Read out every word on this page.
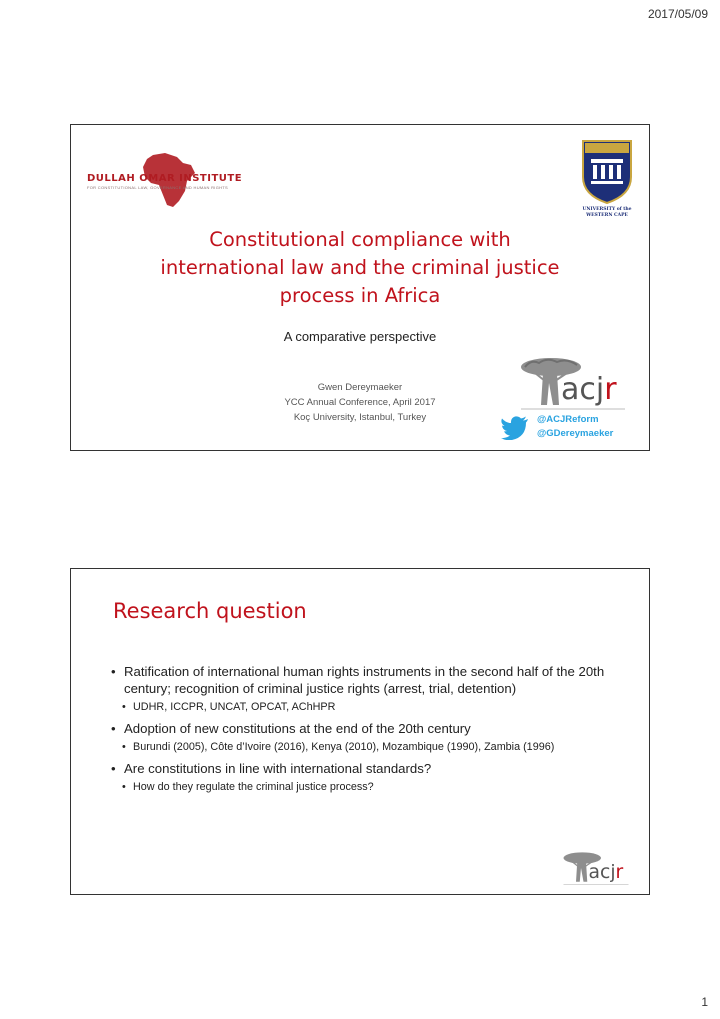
2017/05/09
DULLAH OMAR INSTITUTE
FOR CONSTITUTIONAL LAW, GOVERNANCE AND HUMAN RIGHTS
UNIVERSITY of the
WESTERN CAPE
Constitutional compliance with
international law and the criminal justice
process in Africa
A comparative perspective
Gwen Dereymaeker
YCC Annual Conference, April 2017
Koç University, Istanbul, Turkey
acjr
@ACJReform
@GDereymaeker
Research question
• Ratification of international human rights instruments in the second half of the 20th century; recognition of criminal justice rights (arrest, trial, detention)
• UDHR, ICCPR, UNCAT, OPCAT, AChHPR
• Adoption of new constitutions at the end of the 20th century
• Burundi (2005), Côte d’Ivoire (2016), Kenya (2010), Mozambique (1990), Zambia (1996)
• Are constitutions in line with international standards?
• How do they regulate the criminal justice process?
acjr
1
